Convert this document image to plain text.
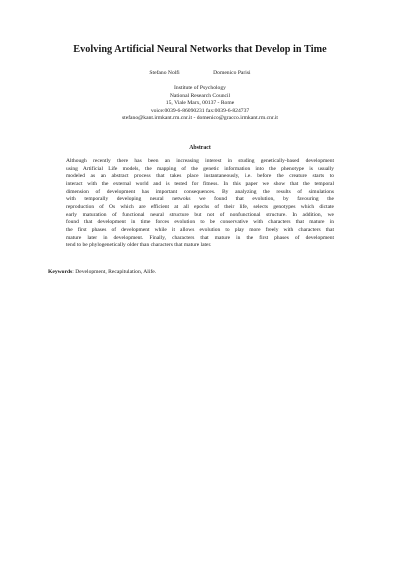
Evolving Artificial Neural Networks that Develop in Time
Stefano Nolfi	Domenico Parisi
Institute of Psychology
National Research Council
15, Viale Marx, 00137 - Rome
voice:0039-6-86090231 fax:0039-6-824737
stefano@kant.irmkant.rm.cnr.it - domenico@gracco.irmkant.rm.cnr.it
Abstract
Although recently there has been an increasing interest in studing genetically-based development
using Artificial Life models, the mapping of the genetic information into the phenotype is usually
modeled as an abstract process that takes place instantaneously, i.e. before the creature starts to
interact with the external world and is tested for fitness. In this paper we show that the temporal
dimension of development has important consequences. By analyzing the results of simulations
with temporally developing neural netwoks we found that evolution, by favouring the
reproduction of Os which are efficient at all epochs of their life, selects genotypes which dictate
early maturation of functional neural structure but not of nonfunctional structure. In addition, we
found that development in time forces evolution to be conservative with characters that mature in
the first phases of development while it allows evolution to play more freely with characters that
mature later in development. Finally, characters that mature in the first phases of development
tend to be phylogenetically older than characters that mature later.
Keywords: Development, Recapitulation, Alife.
